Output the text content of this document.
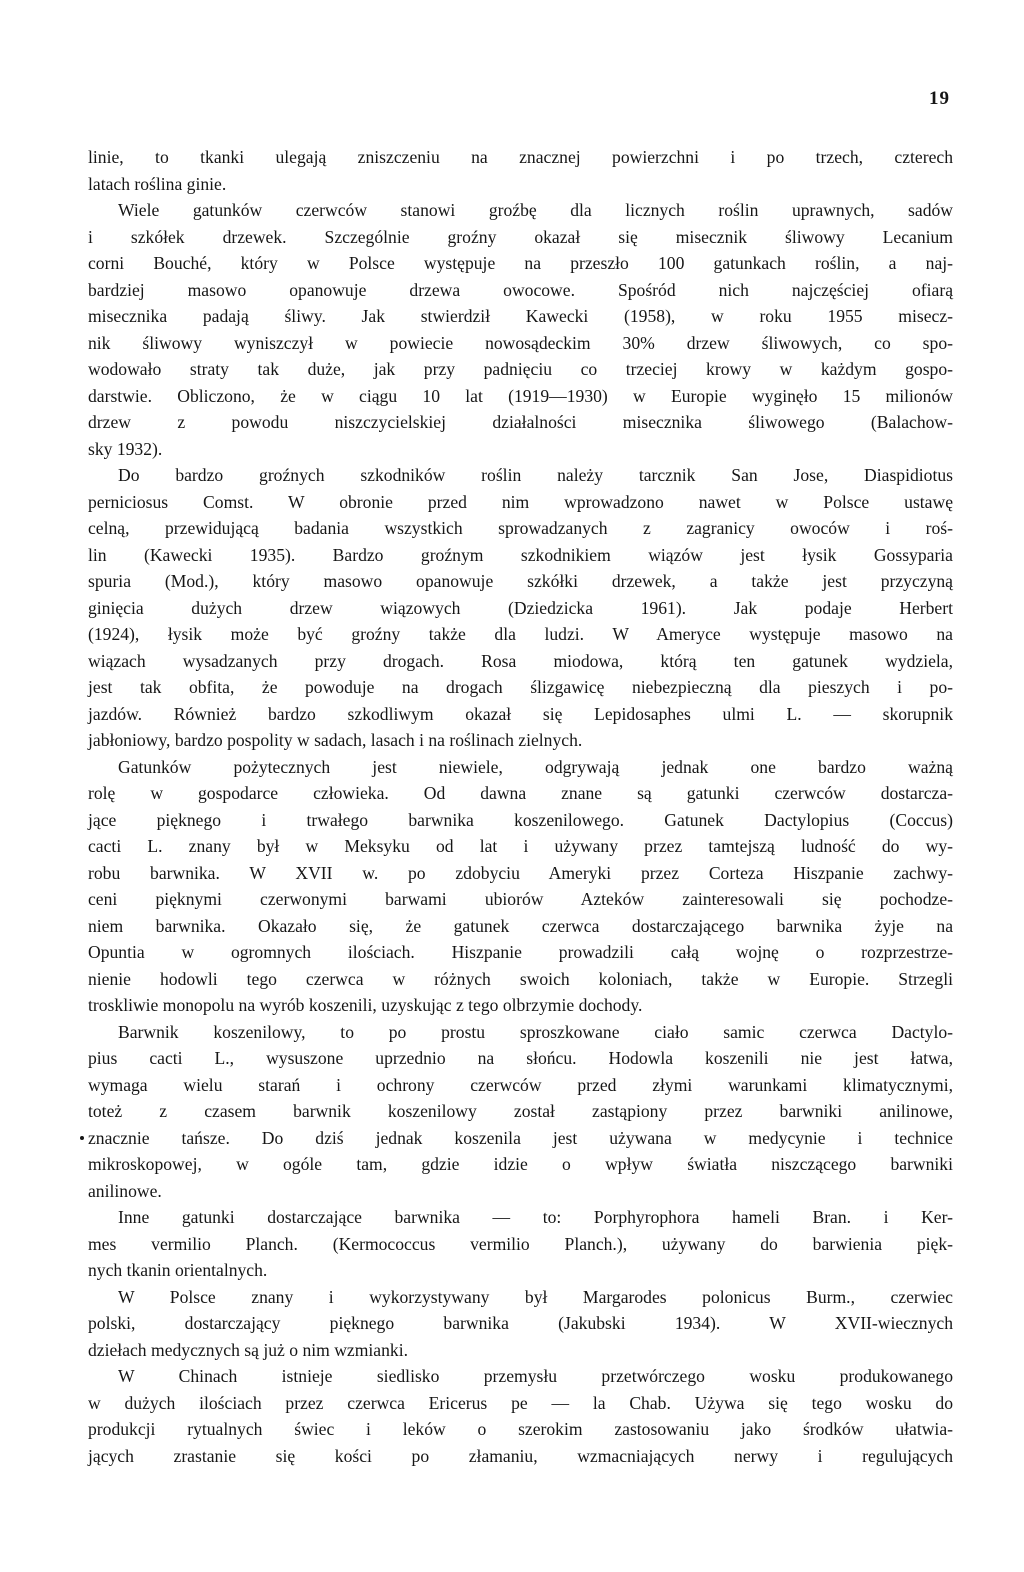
19
linie, to tkanki ulegają zniszczeniu na znacznej powierzchni i po trzech, czterech
latach roślina ginie.
Wiele gatunków czerwców stanowi groźbę dla licznych roślin uprawnych, sadów
i szkółek drzewek. Szczególnie groźny okazał się misecznik śliwowy Lecanium
corni Bouché, który w Polsce występuje na przeszło 100 gatunkach roślin, a naj-
bardziej masowo opanowuje drzewa owocowe. Spośród nich najczęściej ofiarą
misecznika padają śliwy. Jak stwierdził Kawecki (1958), w roku 1955 misecz-
nik śliwowy wyniszczył w powiecie nowosądeckim 30% drzew śliwowych, co spo-
wodowało straty tak duże, jak przy padnięciu co trzeciej krowy w każdym gospo-
darstwie. Obliczono, że w ciągu 10 lat (1919—1930) w Europie wyginęło 15 milionów
drzew z powodu niszczycielskiej działalności misecznika śliwowego (Balachow-
sky 1932).
Do bardzo groźnych szkodników roślin należy tarcznik San Jose, Diaspidiotus
perniciosus Comst. W obronie przed nim wprowadzono nawet w Polsce ustawę
celną, przewidującą badania wszystkich sprowadzanych z zagranicy owoców i roś-
lin (Kawecki 1935). Bardzo groźnym szkodnikiem wiązów jest łysik Gossyparia
spuria (Mod.), który masowo opanowuje szkółki drzewek, a także jest przyczyną
ginięcia dużych drzew wiązowych (Dziedzicka 1961). Jak podaje Herbert
(1924), łysik może być groźny także dla ludzi. W Ameryce występuje masowo na
wiązach wysadzanych przy drogach. Rosa miodowa, którą ten gatunek wydziela,
jest tak obfita, że powoduje na drogach ślizgawicę niebezpieczną dla pieszych i po-
jazdów. Również bardzo szkodliwym okazał się Lepidosaphes ulmi L. — skorupnik
jabłoniowy, bardzo pospolity w sadach, lasach i na roślinach zielnych.
Gatunków pożytecznych jest niewiele, odgrywają jednak one bardzo ważną
rolę w gospodarce człowieka. Od dawna znane są gatunki czerwców dostarcza-
jące pięknego i trwałego barwnika koszenilowego. Gatunek Dactylopius (Coccus)
cacti L. znany był w Meksyku od lat i używany przez tamtejszą ludność do wy-
robu barwnika. W XVII w. po zdobyciu Ameryki przez Corteza Hiszpanie zachwy-
ceni pięknymi czerwonymi barwami ubiorów Azteków zainteresowali się pochodze-
niem barwnika. Okazało się, że gatunek czerwca dostarczającego barwnika żyje na
Opuntia w ogromnych ilościach. Hiszpanie prowadzili całą wojnę o rozprzestrze-
nienie hodowli tego czerwca w różnych swoich koloniach, także w Europie. Strzegli
troskliwie monopolu na wyrób koszenili, uzyskując z tego olbrzymie dochody.
Barwnik koszenilowy, to po prostu sproszkowane ciało samic czerwca Dactylo-
pius cacti L., wysuszone uprzednio na słońcu. Hodowla koszenili nie jest łatwa,
wymaga wielu starań i ochrony czerwców przed złymi warunkami klimatycznymi,
toteż z czasem barwnik koszenilowy został zastąpiony przez barwniki anilinowe,
znacznie tańsze. Do dziś jednak koszenila jest używana w medycynie i technice
mikroskopowej, w ogóle tam, gdzie idzie o wpływ światła niszczącego barwniki
anilinowe.
Inne gatunki dostarczające barwnika — to: Porphyrophora hameli Bran. i Ker-
mes vermilio Planch. (Kermococcus vermilio Planch.), używany do barwienia pięk-
nych tkanin orientalnych.
W Polsce znany i wykorzystywany był Margarodes polonicus Burm., czerwiec
polski, dostarczający pięknego barwnika (Jakubski 1934). W XVII-wiecznych
dziełach medycznych są już o nim wzmianki.
W Chinach istnieje siedlisko przemysłu przetwórczego wosku produkowanego
w dużych ilościach przez czerwca Ericerus pe — la Chab. Używa się tego wosku do
produkcji rytualnych świec i leków o szerokim zastosowaniu jako środków ułatwia-
jących zrastanie się kości po złamaniu, wzmacniających nerwy i regulujących
